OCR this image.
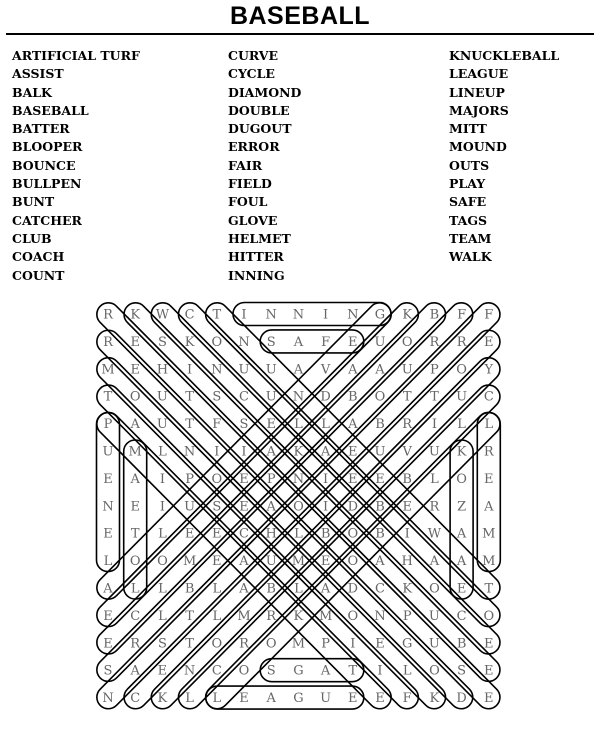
BASEBALL
ARTIFICIAL TURF
ASSIST
BALK
BASEBALL
BATTER
BLOOPER
BOUNCE
BULLPEN
BUNT
CATCHER
CLUB
COACH
COUNT
CURVE
CYCLE
DIAMOND
DOUBLE
DUGOUT
ERROR
FAIR
FIELD
FOUL
GLOVE
HELMET
HITTER
INNING
KNUCKLEBALL
LEAGUE
LINEUP
MAJORS
MITT
MOUND
OUTS
PLAY
SAFE
TAGS
TEAM
WALK
R K W C T I N N I N G K B F F
R E S K O N S A F E U O R R E
M E H I N U U A V A A U P O Y
T O U T S C U N D B O T T U C
P A U T F S E L L A B R I L L
U M L N I I A K A E U V U K R
E A I P O E P N I E E B L O E
N E I U S E A O I D B E R Z A
E T L E E C H L B O B I W A M
L O O M E A U M E O A H A A M
A L L B L A B L A D C K O E T
E C L T L M R K M O N P U C O
E R S T O R O M P I E G U B E
S A E N C O S G A T I L O S E
N C K L L E A G U E E F K D E
